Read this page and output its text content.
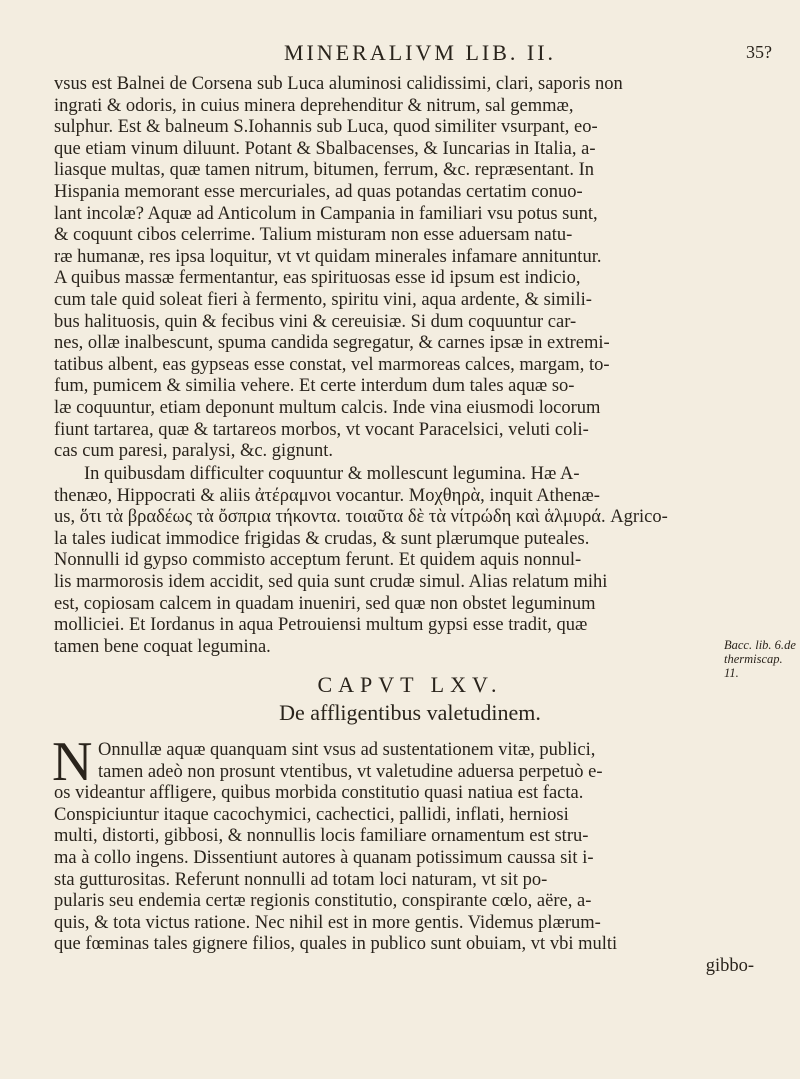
MINERALIVM LIB. II.	35?
vsus est Balnei de Corsena sub Luca aluminosi calidissimi, clari, saporis non
ingrati & odoris, in cuius minera deprehenditur & nitrum, sal gemmæ,
sulphur. Est & balneum S.Iohannis sub Luca, quod similiter vsurpant, eo-
que etiam vinum diluunt. Potant & Sbalbacenses, & Iuncarias in Italia, a-
liasque multas, quæ tamen nitrum, bitumen, ferrum, &c. repræsentant. In
Hispania memorant esse mercuriales, ad quas potandas certatim conuo-
lant incolæ? Aquæ ad Anticolum in Campania in familiari vsu potus sunt,
& coquunt cibos celerrime. Talium misturam non esse aduersam natu-
ræ humanæ, res ipsa loquitur, vt vt quidam minerales infamare annituntur.
A quibus massæ fermentantur, eas spirituosas esse id ipsum est indicio,
cum tale quid soleat fieri à fermento, spiritu vini, aqua ardente, & simili-
bus halituosis, quin & fecibus vini & cereuisiæ. Si dum coquuntur car-
nes, ollæ inalbescunt, spuma candida segregatur, & carnes ipsæ in extremi-
tatibus albent, eas gypseas esse constat, vel marmoreas calces, margam, to-
fum, pumicem & similia vehere. Et certe interdum dum tales aquæ so-
læ coquuntur, etiam deponunt multum calcis. Inde vina eiusmodi locorum
fiunt tartarea, quæ & tartareos morbos, vt vocant Paracelsici, veluti coli-
cas cum paresi, paralysi, &c. gignunt.
In quibusdam difficulter coquuntur & mollescunt legumina. Hæ A-
thenæo, Hippocrati & aliis ἀτέραμνοι vocantur. Μοχθηρὰ, inquit Athenæ-
us, ὅτι τὰ βραδέως τὰ ὄσπρια τήκοντα. τοιαῦτα δὲ τὰ νίτρώδη καὶ ἁλμυρά. Agrico-
la tales iudicat immodice frigidas & crudas, & sunt plærumque puteales.
Nonnulli id gypso commisto acceptum ferunt. Et quidem aquis nonnul-
lis marmorosis idem accidit, sed quia sunt crudæ simul. Alias relatum mihi
est, copiosam calcem in quadam inueniri, sed quæ non obstet leguminum
molliciei. Et Iordanus in aqua Petrouiensi multum gypsi esse tradit, quæ
tamen bene coquat legumina.	Bacc. lib. 6.de thermiscap. 11.
CAPVT LXV.
De affligentibus valetudinem.
N Onnullæ aquæ quanquam sint vsus ad sustentationem vitæ, publici,
tamen adeò non prosunt vtentibus, vt valetudine aduersa perpetuò e-
os videantur affligere, quibus morbida constitutio quasi natiua est facta.
Conspiciuntur itaque cacochymici, cachectici, pallidi, inflati, herniosi
multi, distorti, gibbosi, & nonnullis locis familiare ornamentum est stru-
ma à collo ingens. Dissentiunt autores à quanam potissimum caussa sit i-
sta gutturositas. Referunt nonnulli ad totam loci naturam, vt sit po-
pularis seu endemia certæ regionis constitutio, conspirante cœlo, aëre, a-
quis, & tota victus ratione. Nec nihil est in more gentis. Videmus plærum-
que fœminas tales gignere filios, quales in publico sunt obuiam, vt vbi multi
gibbo-
